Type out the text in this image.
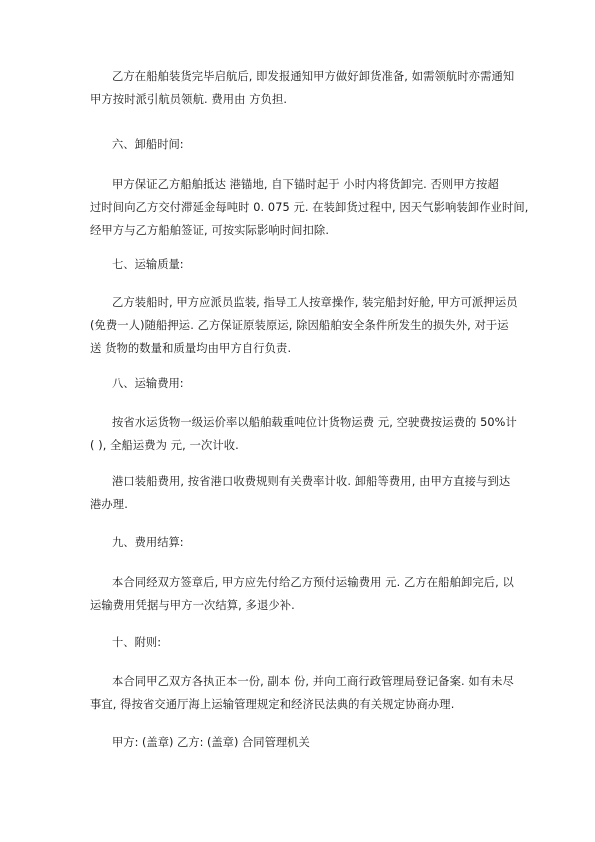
乙方在船舶装货完毕启航后, 即发报通知甲方做好卸货准备, 如需领航时亦需通知
甲方按时派引航员领航. 费用由 方负担.
六、卸船时间:
甲方保证乙方船舶抵达 港锚地, 自下锚时起于 小时内将货卸完. 否则甲方按超
过时间向乙方交付滞延金每吨时 0. 075 元. 在装卸货过程中, 因天气影响装卸作业时间,
经甲方与乙方船舶签证, 可按实际影响时间扣除.
七、运输质量:
乙方装船时, 甲方应派员监装, 指导工人按章操作, 装完船封好舱, 甲方可派押运员
(免费一人)随船押运. 乙方保证原装原运, 除因船舶安全条件所发生的损失外, 对于运
送 货物的数量和质量均由甲方自行负责.
八、运输费用:
按省水运货物一级运价率以船舶载重吨位计货物运费 元, 空驶费按运费的 50%计
( ), 全船运费为 元, 一次计收.
港口装船费用, 按省港口收费规则有关费率计收. 卸船等费用, 由甲方直接与到达
港办理.
九、费用结算:
本合同经双方签章后, 甲方应先付给乙方预付运输费用 元. 乙方在船舶卸完后, 以
运输费用凭据与甲方一次结算, 多退少补.
十、附则:
本合同甲乙双方各执正本一份, 副本 份, 并向工商行政管理局登记备案. 如有未尽
事宜, 得按省交通厅海上运输管理规定和经济民法典的有关规定协商办理.
甲方: (盖章) 乙方: (盖章) 合同管理机关
